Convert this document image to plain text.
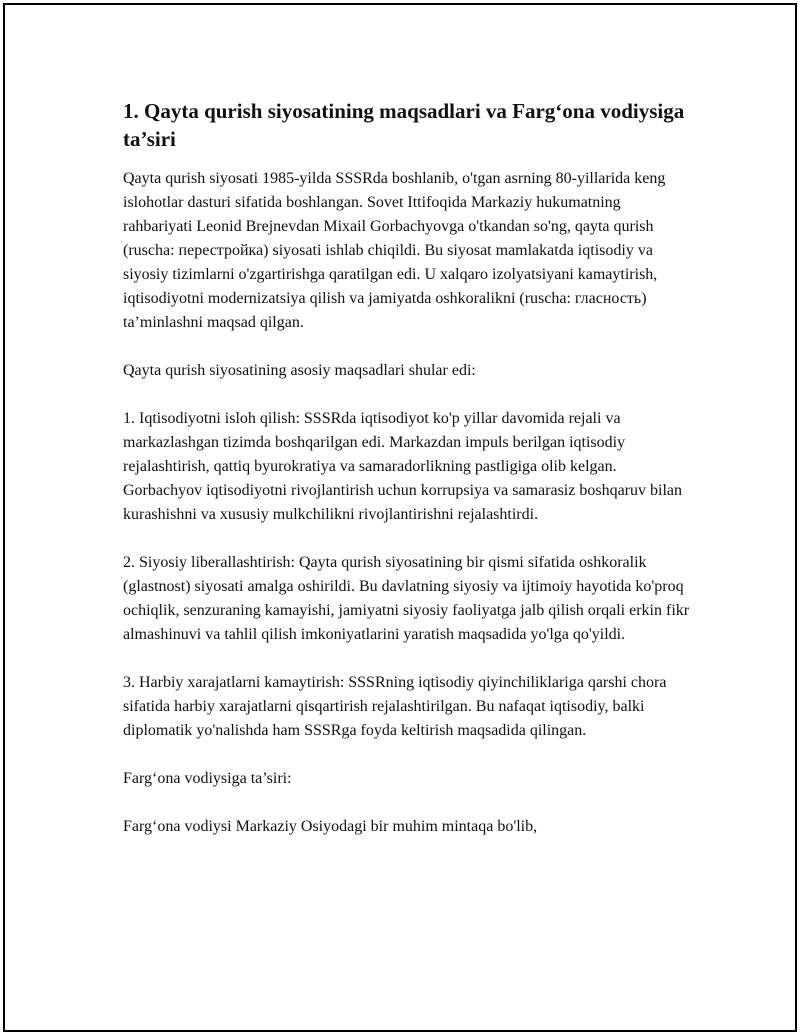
1. Qayta qurish siyosatining maqsadlari va Farg‘ona vodiysiga ta’siri

Qayta qurish siyosati 1985-yilda SSSRda boshlanib, o'tgan asrning 80-yillarida keng islohotlar dasturi sifatida boshlangan. Sovet Ittifoqida Markaziy hukumatning rahbariyati Leonid Brejnevdan Mixail Gorbachyovga o'tkandan so'ng, qayta qurish (ruscha: перестройка) siyosati ishlab chiqildi. Bu siyosat mamlakatda iqtisodiy va siyosiy tizimlarni o'zgartirishga qaratilgan edi. U xalqaro izolyatsiyani kamaytirish, iqtisodiyotni modernizatsiya qilish va jamiyatda oshkoralikni (ruscha: гласность) ta’minlashni maqsad qilgan.

Qayta qurish siyosatining asosiy maqsadlari shular edi:

1. Iqtisodiyotni isloh qilish: SSSRda iqtisodiyot ko'p yillar davomida rejali va markazlashgan tizimda boshqarilgan edi. Markazdan impuls berilgan iqtisodiy rejalashtirish, qattiq byurokratiya va samaradorlikning pastligiga olib kelgan. Gorbachyov iqtisodiyotni rivojlantirish uchun korrupsiya va samarasiz boshqaruv bilan kurashishni va xususiy mulkchilikni rivojlantirishni rejalashtirdi.

2. Siyosiy liberallashtirish: Qayta qurish siyosatining bir qismi sifatida oshkoralik (glastnost) siyosati amalga oshirildi. Bu davlatning siyosiy va ijtimoiy hayotida ko'proq ochiqlik, senzuraning kamayishi, jamiyatni siyosiy faoliyatga jalb qilish orqali erkin fikr almashinuvi va tahlil qilish imkoniyatlarini yaratish maqsadida yo'lga qo'yildi.

3. Harbiy xarajatlarni kamaytirish: SSSRning iqtisodiy qiyinchiliklariga qarshi chora sifatida harbiy xarajatlarni qisqartirish rejalashtirilgan. Bu nafaqat iqtisodiy, balki diplomatik yo'nalishda ham SSSRga foyda keltirish maqsadida qilingan.

Farg‘ona vodiysiga ta’siri:

Farg‘ona vodiysi Markaziy Osiyodagi bir muhim mintaqa bo'lib,
